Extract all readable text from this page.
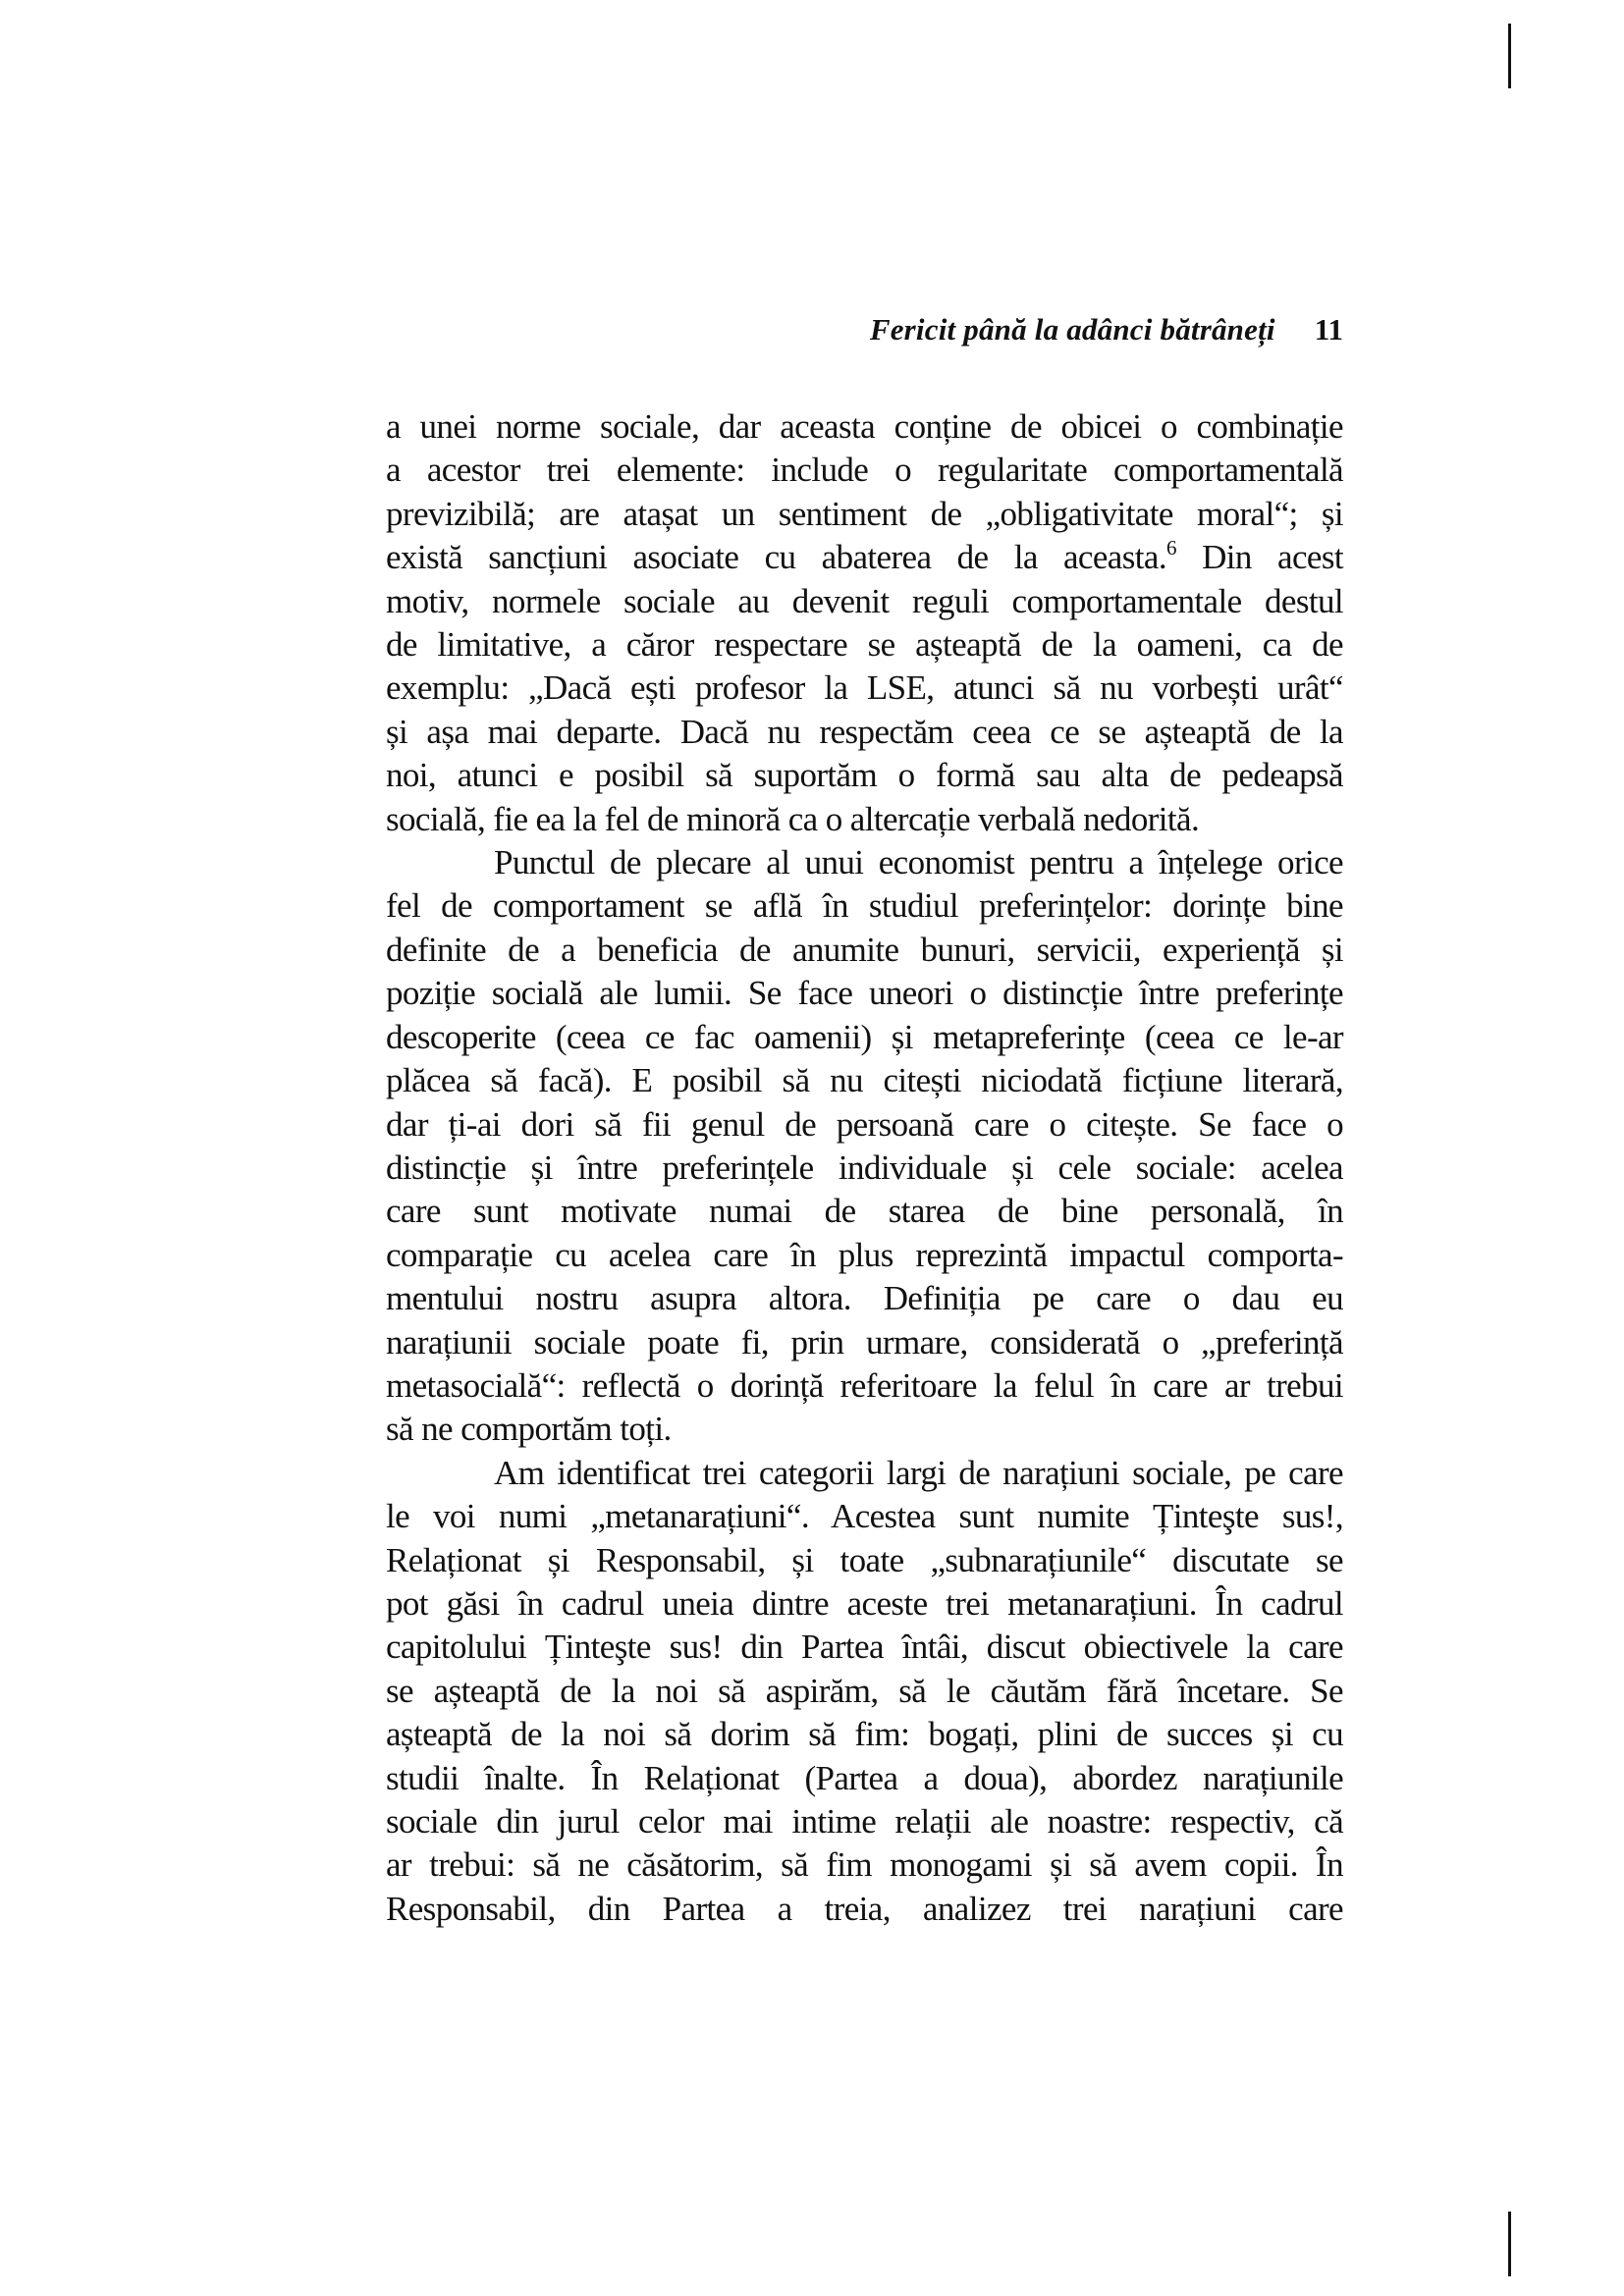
Fericit până la adânci bătrâneți 11

a unei norme sociale, dar aceasta conține de obicei o combinație
a acestor trei elemente: include o regularitate comportamentală
previzibilă; are atașat un sentiment de „obligativitate moral“; și
există sancțiuni asociate cu abaterea de la aceasta.$^6$ Din acest
motiv, normele sociale au devenit reguli comportamentale destul
de limitative, a căror respectare se așteaptă de la oameni, ca de
exemplu: „Dacă ești profesor la LSE, atunci să nu vorbești urât“
și așa mai departe. Dacă nu respectăm ceea ce se așteaptă de la
noi, atunci e posibil să suportăm o formă sau alta de pedeapsă
socială, fie ea la fel de minoră ca o altercație verbală nedorită.

Punctul de plecare al unui economist pentru a înțelege orice
fel de comportament se află în studiul preferințelor: dorințe bine
definite de a beneficia de anumite bunuri, servicii, experiență și
poziție socială ale lumii. Se face uneori o distincție între preferințe
descoperite (ceea ce fac oamenii) și metapreferințe (ceea ce le-ar
plăcea să facă). E posibil să nu citești niciodată ficțiune literară,
dar ți-ai dori să fii genul de persoană care o citește. Se face o
distincție și între preferințele individuale și cele sociale: acelea
care sunt motivate numai de starea de bine personală, în
comparație cu acelea care în plus reprezintă impactul comporta-
mentului nostru asupra altora. Definiția pe care o dau eu
narațiunii sociale poate fi, prin urmare, considerată o „preferință
metasocială“: reflectă o dorință referitoare la felul în care ar trebui
să ne comportăm toți.

Am identificat trei categorii largi de narațiuni sociale, pe care
le voi numi „metanarațiuni“. Acestea sunt numite Ținteşte sus!,
Relaționat și Responsabil, și toate „subnarațiunile“ discutate se
pot găsi în cadrul uneia dintre aceste trei metanarațiuni. În cadrul
capitolului Ținteşte sus! din Partea întâi, discut obiectivele la care
se așteaptă de la noi să aspirăm, să le căutăm fără încetare. Se
așteaptă de la noi să dorim să fim: bogați, plini de succes și cu
studii înalte. În Relaționat (Partea a doua), abordez narațiunile
sociale din jurul celor mai intime relații ale noastre: respectiv, că
ar trebui: să ne căsătorim, să fim monogami și să avem copii. În
Responsabil, din Partea a treia, analizez trei narațiuni care
